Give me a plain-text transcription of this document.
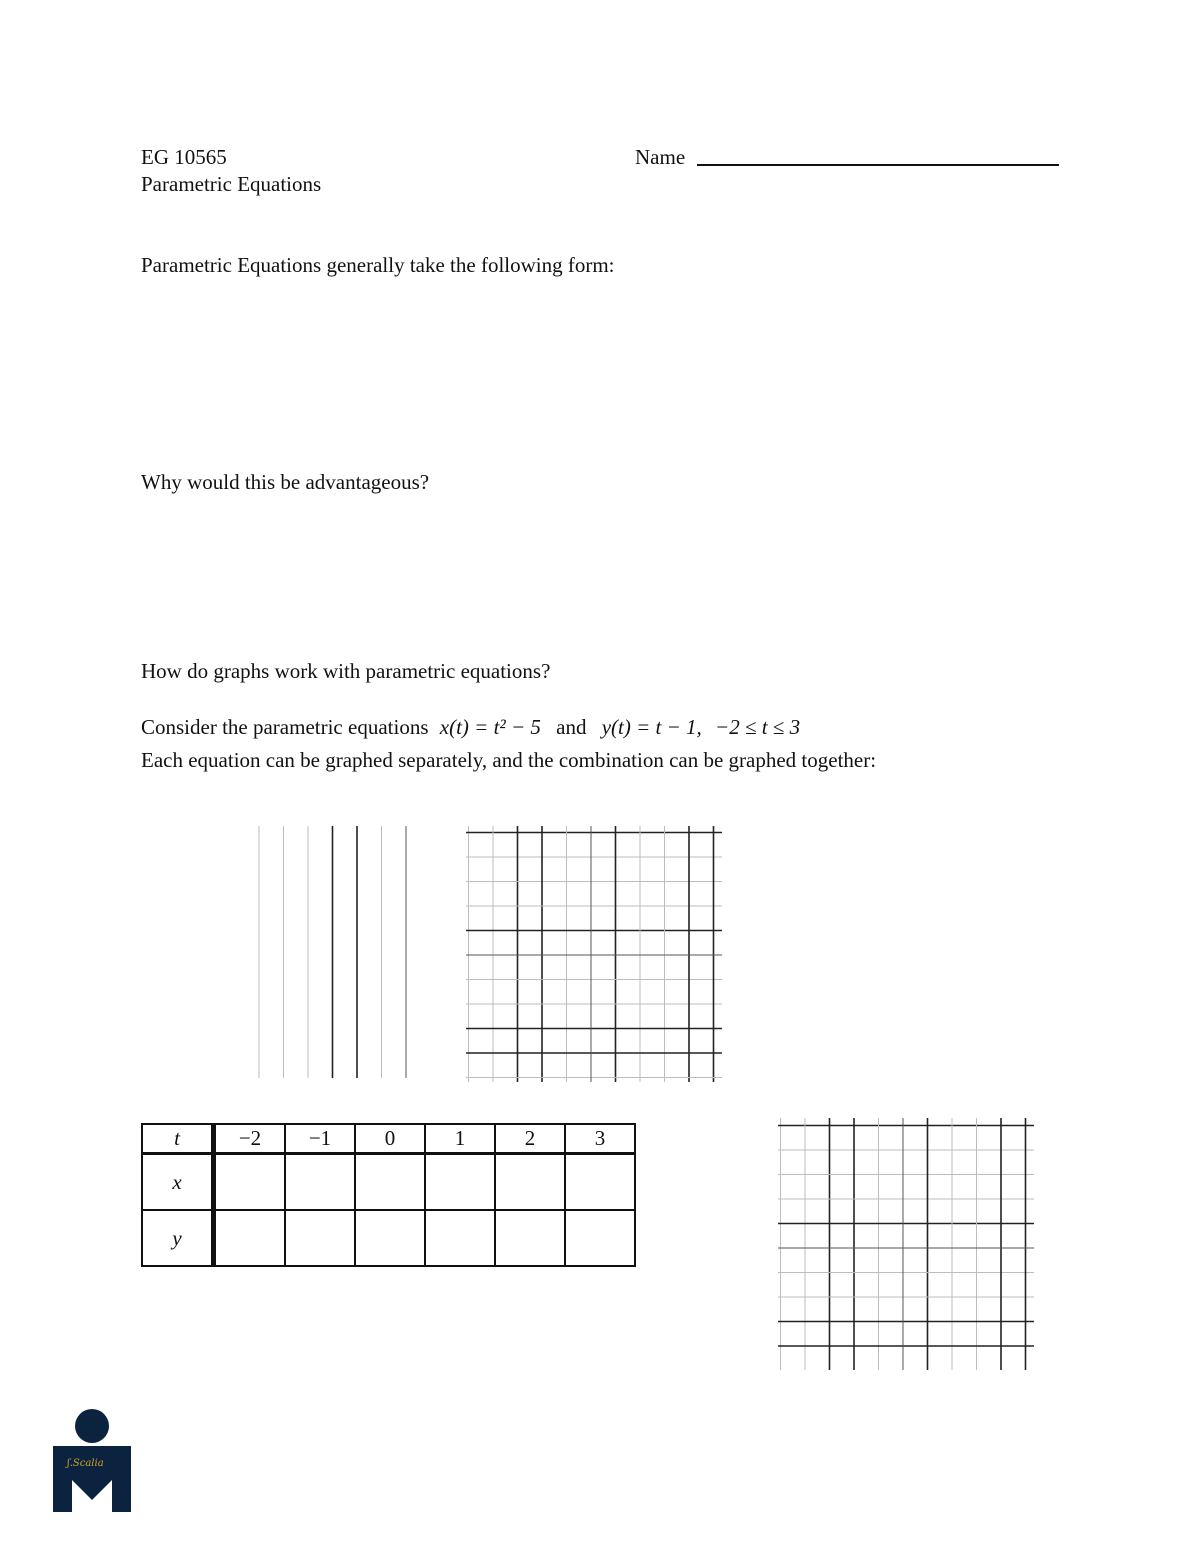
EG 10565
Parametric Equations
Name
Parametric Equations generally take the following form:
Why would this be advantageous?
How do graphs work with parametric equations?
Consider the parametric equations x(t) = t² − 5 and y(t) = t − 1, −2 ≤ t ≤ 3
Each equation can be graphed separately, and the combination can be graphed together:
t	−2	−1	0	1	2	3
x						
y						
ʃ.Scalia
